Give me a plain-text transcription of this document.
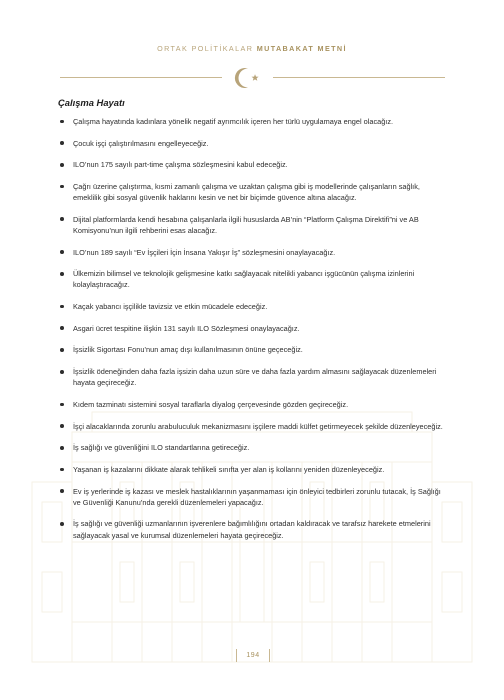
ORTAK POLİTİKALAR MUTABAKAT METNİ
Çalışma Hayatı
Çalışma hayatında kadınlara yönelik negatif ayrımcılık içeren her türlü uygulamaya engel olacağız.
Çocuk işçi çalıştırılmasını engelleyeceğiz.
ILO’nun 175 sayılı part-time çalışma sözleşmesini kabul edeceğiz.
Çağrı üzerine çalıştırma, kısmi zamanlı çalışma ve uzaktan çalışma gibi iş modellerinde çalışanların sağlık, emeklilik gibi sosyal güvenlik haklarını kesin ve net bir biçimde güvence altına alacağız.
Dijital platformlarda kendi hesabına çalışanlarla ilgili hususlarda AB’nin “Platform Çalışma Direktifi”ni ve AB Komisyonu’nun ilgili rehberini esas alacağız.
ILO’nun 189 sayılı “Ev İşçileri İçin İnsana Yakışır İş” sözleşmesini onaylayacağız.
Ülkemizin bilimsel ve teknolojik gelişmesine katkı sağlayacak nitelikli yabancı işgücünün çalışma izinlerini kolaylaştıracağız.
Kaçak yabancı işçilikle tavizsiz ve etkin mücadele edeceğiz.
Asgari ücret tespitine ilişkin 131 sayılı ILO Sözleşmesi onaylayacağız.
İşsizlik Sigortası Fonu’nun amaç dışı kullanılmasının önüne geçeceğiz.
İşsizlik ödeneğinden daha fazla işsizin daha uzun süre ve daha fazla yardım almasını sağlayacak düzenlemeleri hayata geçireceğiz.
Kıdem tazminatı sistemini sosyal taraflarla diyalog çerçevesinde gözden geçireceğiz.
İşçi alacaklarında zorunlu arabuluculuk mekanizmasını işçilere maddi külfet getirmeyecek şekilde düzenleyeceğiz.
İş sağlığı ve güvenliğini ILO standartlarına getireceğiz.
Yaşanan iş kazalarını dikkate alarak tehlikeli sınıfta yer alan iş kollarını yeniden düzenleyeceğiz.
Ev iş yerlerinde iş kazası ve meslek hastalıklarının yaşanmaması için önleyici tedbirleri zorunlu tutacak, İş Sağlığı ve Güvenliği Kanunu’nda gerekli düzenlemeleri yapacağız.
İş sağlığı ve güvenliği uzmanlarının işverenlere bağımlılığını ortadan kaldıracak ve tarafsız harekete etmelerini sağlayacak yasal ve kurumsal düzenlemeleri hayata geçireceğiz.
194
